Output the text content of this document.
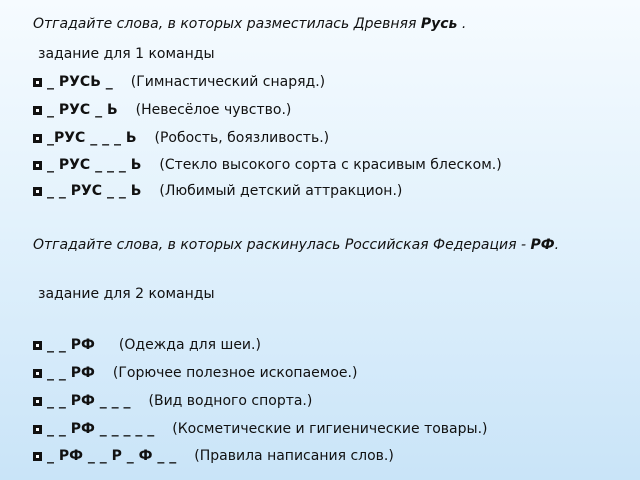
Отгадайте слова, в которых разместилась Древняя Русь .
задание для 1 команды
_ РУСЬ _ (Гимнастический снаряд.)
_ РУС _ Ь (Невесёлое чувство.)
_РУС _ _ _ Ь (Робость, боязливость.)
_ РУС _ _ _ Ь (Стекло высокого сорта с красивым блеском.)
_ _ РУС _ _ Ь (Любимый детский аттракцион.)
Отгадайте слова, в которых раскинулась Российская Федерация - РФ.
задание для 2 команды
_ _ РФ (Одежда для шеи.)
_ _ РФ (Горючее полезное ископаемое.)
_ _ РФ _ _ _ (Вид водного спорта.)
_ _ РФ _ _ _ _ _ (Косметические и гигиенические товары.)
_ РФ _ _ Р _ Ф _ _ (Правила написания слов.)
